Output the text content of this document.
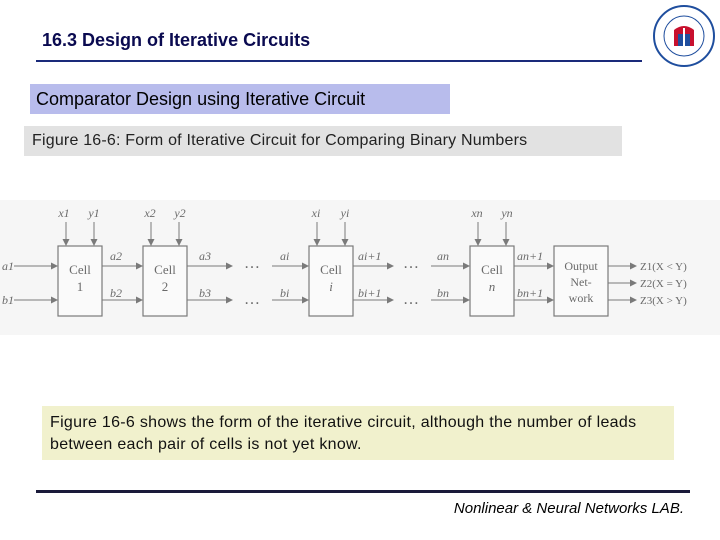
16.3 Design of Iterative Circuits
Comparator Design using Iterative Circuit
Figure 16-6: Form of Iterative Circuit for Comparing Binary Numbers
Cell
1
Cell
2
Cell
i
Cell
n
Output
Net-
work
x1 y1	x2 y2	xi yi	xn yn
…	…
…	…
a1
a2	a3	ai	ai+1	an	an+1
b1	b2	b3	bi	bi+1	bn	bn+1
Z1(X < Y)
Z2(X = Y)
Z3(X > Y)
Figure 16-6 shows the form of the iterative circuit, although the number of leads between each pair of cells is not yet know.
Nonlinear & Neural Networks LAB.
